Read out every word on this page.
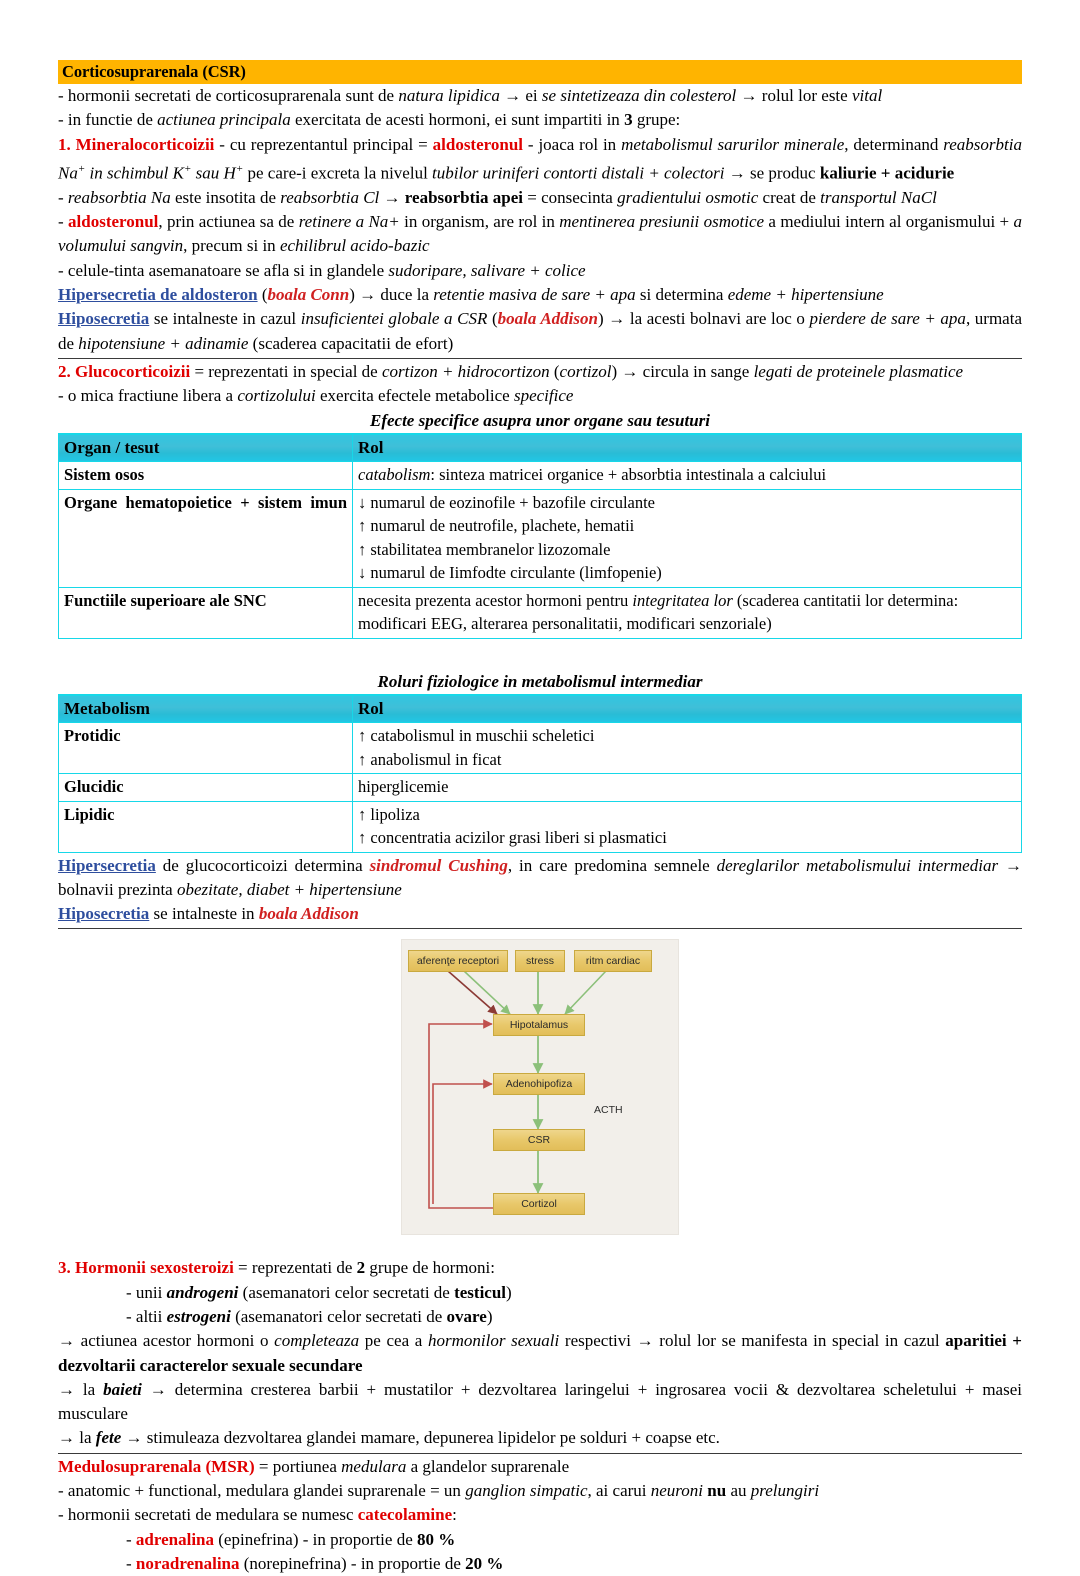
Corticosuprarenala (CSR)

- hormonii secretati de corticosuprarenala sunt de natura lipidica → ei se sintetizeaza din colesterol → rolul lor este vital

- in functie de actiunea principala exercitata de acesti hormoni, ei sunt impartiti in 3 grupe:

1. Mineralocorticoizii - cu reprezentantul principal = aldosteronul - joaca rol in metabolismul sarurilor minerale, determinand reabsorbtia Na+ in schimbul K+ sau H+ pe care-i excreta la nivelul tubilor uriniferi contorti distali + colectori → se produc kaliurie + acidurie

- reabsorbtia Na este insotita de reabsorbtia Cl → reabsorbtia apei = consecinta gradientului osmotic creat de transportul NaCl

- aldosteronul, prin actiunea sa de retinere a Na+ in organism, are rol in mentinerea presiunii osmotice a mediului intern al organismului + a volumului sangvin, precum si in echilibrul acido-bazic

- celule-tinta asemanatoare se afla si in glandele sudoripare, salivare + colice

Hipersecretia de aldosteron (boala Conn) → duce la retentie masiva de sare + apa si determina edeme + hipertensiune

Hiposecretia se intalneste in cazul insuficientei globale a CSR (boala Addison) → la acesti bolnavi are loc o pierdere de sare + apa, urmata de hipotensiune + adinamie (scaderea capacitatii de efort)

2. Glucocorticoizii = reprezentati in special de cortizon + hidrocortizon (cortizol) → circula in sange legati de proteinele plasmatice

- o mica fractiune libera a cortizolului exercita efectele metabolice specifice

Efecte specifice asupra unor organe sau tesuturi

Organ / tesut	Rol
Sistem osos	catabolism: sinteza matricei organice + absorbtia intestinala a calciului

Organe hematopoietice + sistem imun	↓ numarul de eozinofile + bazofile circulante
↑ numarul de neutrofile, plachete, hematii
↑ stabilitatea membranelor lizozomale
↓ numarul de Iimfodte circulante (limfopenie)

Functiile superioare ale SNC	necesita prezenta acestor hormoni pentru integritatea lor (scaderea cantitatii lor determina: modificari EEG, alterarea personalitatii, modificari senzoriale)

Roluri fiziologice in metabolismul intermediar

Metabolism	Rol
Protidic	↑ catabolismul in muschii scheletici
↑ anabolismul in ficat

Glucidic	hiperglicemie

Lipidic	↑ lipoliza
↑ concentratia acizilor grasi liberi si plasmatici

Hipersecretia de glucocorticoizi determina sindromul Cushing, in care predomina semnele dereglarilor metabolismului intermediar → bolnavii prezinta obezitate, diabet + hipertensiune

Hiposecretia se intalneste in boala Addison

aferenţe receptori	stress	ritm cardiac
Hipotalamus
Adenohipofiza
CSR
Cortizol
ACTH

3. Hormonii sexosteroizi = reprezentati de 2 grupe de hormoni:

- unii androgeni (asemanatori celor secretati de testicul)

- altii estrogeni (asemanatori celor secretati de ovare)

→ actiunea acestor hormoni o completeaza pe cea a hormonilor sexuali respectivi → rolul lor se manifesta in special in cazul aparitiei + dezvoltarii caracterelor sexuale secundare

→ la baieti → determina cresterea barbii + mustatilor + dezvoltarea laringelui + ingrosarea vocii & dezvoltarea scheletului + masei musculare

→ la fete → stimuleaza dezvoltarea glandei mamare, depunerea lipidelor pe solduri + coapse etc.

Medulosuprarenala (MSR) = portiunea medulara a glandelor suprarenale

- anatomic + functional, medulara glandei suprarenale = un ganglion simpatic, ai carui neuroni nu au prelungiri

- hormonii secretati de medulara se numesc catecolamine:

- adrenalina (epinefrina) - in proportie de 80 %

- noradrenalina (norepinefrina) - in proportie de 20 %
